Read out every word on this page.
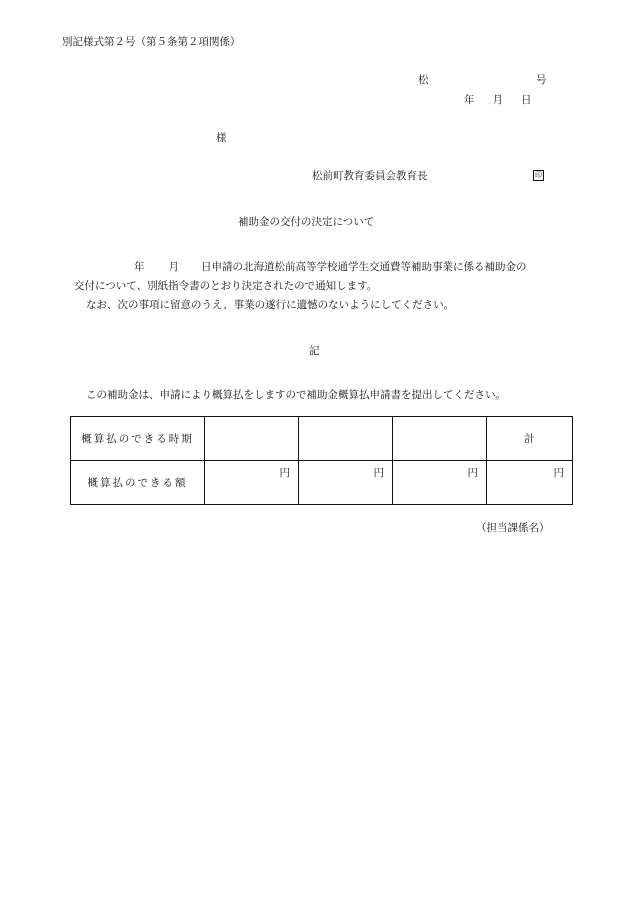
別記様式第２号（第５条第２項関係）
松	号
年 月 日
様
松前町教育委員会教育長	印
補助金の交付の決定について
年 月 日申請の北海道松前高等学校通学生交通費等補助事業に係る補助金の
交付について、別紙指令書のとおり決定されたので通知します。
なお、次の事項に留意のうえ、事業の遂行に遺憾のないようにしてください。
記
この補助金は、申請により概算払をしますので補助金概算払申請書を提出してください。
概算払のできる時期				計
概算払のできる額	円	円	円	円
（担当課係名）
